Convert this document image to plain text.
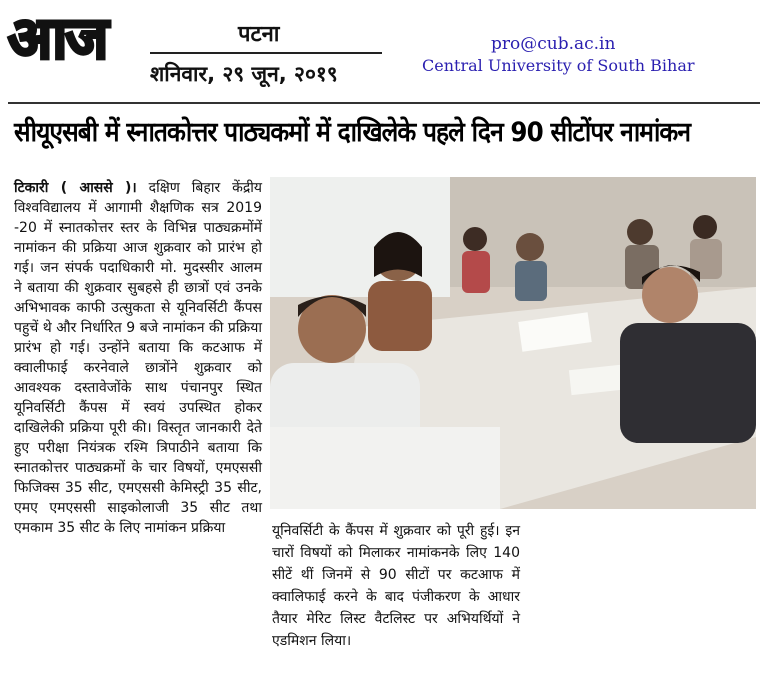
आज	पटना
शनिवार, २९ जून, २०१९
pro@cub.ac.in
Central University of South Bihar
सीयूएसबी में स्नातकोत्तर पाठ्यकमों में दाखिलेके पहले दिन 90 सीटोंपर नामांकन
टिकारी ( आससे )। दक्षिण बिहार केंद्रीय विश्वविद्यालय में आगामी शैक्षणिक सत्र 2019 -20 में स्नातकोत्तर स्तर के विभिन्न पाठ्यक्रमोंमें नामांकन की प्रक्रिया आज शुक्रवार को प्रारंभ हो गई। जन संपर्क पदाधिकारी मो. मुदस्सीर आलम ने बताया की शुक्रवार सुबहसे ही छात्रों एवं उनके अभिभावक काफी उत्सुकता से यूनिवर्सिटी कैंपस पहुचें थे और निर्धारित 9 बजे नामांकन की प्रक्रिया प्रारंभ हो गई। उन्होंने बताया कि कटआफ में क्वालीफाई करनेवाले छात्रोंने शुक्रवार को आवश्यक दस्तावेजोंके साथ पंचानपुर स्थित यूनिवर्सिटी कैंपस में स्वयं उपस्थित होकर दाखिलेकी प्रक्रिया पूरी की। विस्तृत जानकारी देते हुए परीक्षा नियंत्रक रश्मि त्रिपाठीने बताया कि स्नातकोत्तर पाठ्यक्रमों के चार विषयों, एमएससी फिजिक्स 35 सीट, एमएससी केमिस्ट्री 35 सीट, एमए एमएससी साइकोलाजी 35 सीट तथा एमकाम 35 सीट के लिए नामांकन प्रक्रिया	यूनिवर्सिटी के कैंपस में शुक्रवार को पूरी हुई। इन चारों विषयों को मिलाकर नामांकनके लिए 140 सीटें थीं जिनमें से 90 सीटों पर कटआफ में क्वालिफाई करने के बाद पंजीकरण के आधार तैयार मेरिट लिस्ट वैटलिस्ट पर अभियर्थियों ने एडमिशन लिया।
